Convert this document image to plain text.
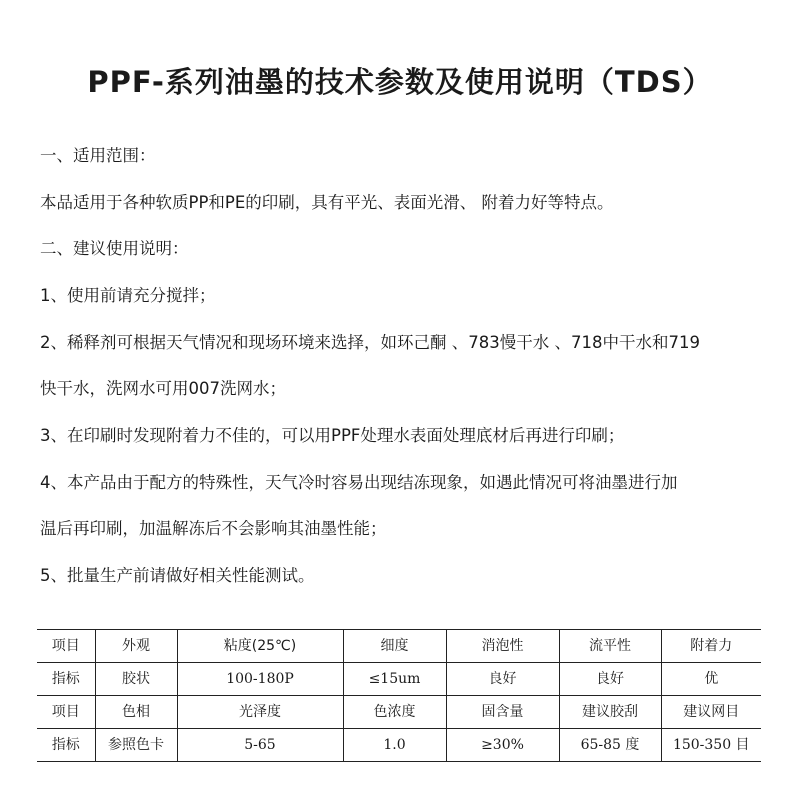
PPF-系列油墨的技术参数及使用说明（TDS）
一、适用范围：
本品适用于各种软质PP和PE的印刷，具有平光、表面光滑、 附着力好等特点。
二、建议使用说明：
1、使用前请充分搅拌；
2、稀释剂可根据天气情况和现场环境来选择，如环己酮 、783慢干水 、718中干水和719
快干水，洗网水可用007洗网水；
3、在印刷时发现附着力不佳的，可以用PPF处理水表面处理底材后再进行印刷；
4、本产品由于配方的特殊性，天气冷时容易出现结冻现象，如遇此情况可将油墨进行加
温后再印刷，加温解冻后不会影响其油墨性能；
5、批量生产前请做好相关性能测试。
项目	外观	粘度(25℃)	细度	消泡性	流平性	附着力
指标	胶状	100-180P	≤15um	良好	良好	优
项目	色相	光泽度	色浓度	固含量	建议胶刮	建议网目
指标	参照色卡	5-65	1.0	≥30%	65-85 度	150-350 目
